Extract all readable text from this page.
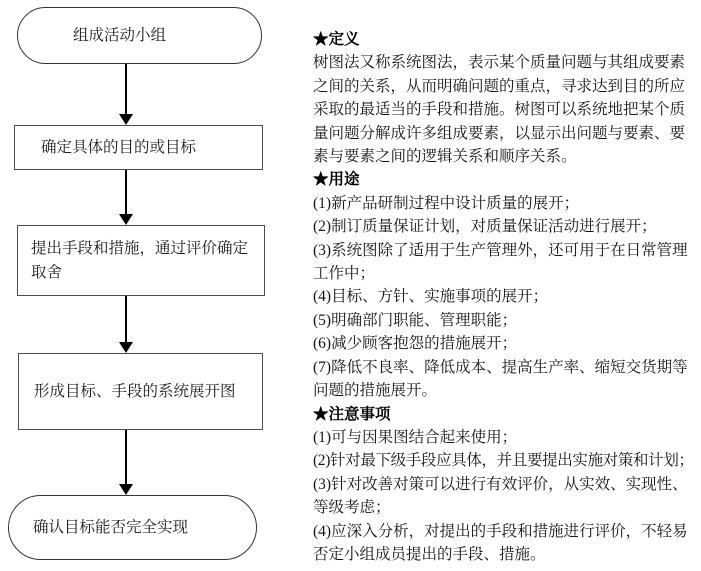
组成活动小组
确定具体的目的或目标
提出手段和措施，通过评价确定
取舍
形成目标、手段的系统展开图
确认目标能否完全实现
★定义
树图法又称系统图法，表示某个质量问题与其组成要素
之间的关系，从而明确问题的重点，寻求达到目的所应
采取的最适当的手段和措施。树图可以系统地把某个质
量问题分解成许多组成要素，以显示出问题与要素、要
素与要素之间的逻辑关系和顺序关系。
★用途
(1)新产品研制过程中设计质量的展开；
(2)制订质量保证计划，对质量保证活动进行展开；
(3)系统图除了适用于生产管理外，还可用于在日常管理
工作中；
(4)目标、方针、实施事项的展开；
(5)明确部门职能、管理职能；
(6)减少顾客抱怨的措施展开；
(7)降低不良率、降低成本、提高生产率、缩短交货期等
问题的措施展开。
★注意事项
(1)可与因果图结合起来使用；
(2)针对最下级手段应具体，并且要提出实施对策和计划；
(3)针对改善对策可以进行有效评价，从实效、实现性、
等级考虑；
(4)应深入分析，对提出的手段和措施进行评价，不轻易
否定小组成员提出的手段、措施。
